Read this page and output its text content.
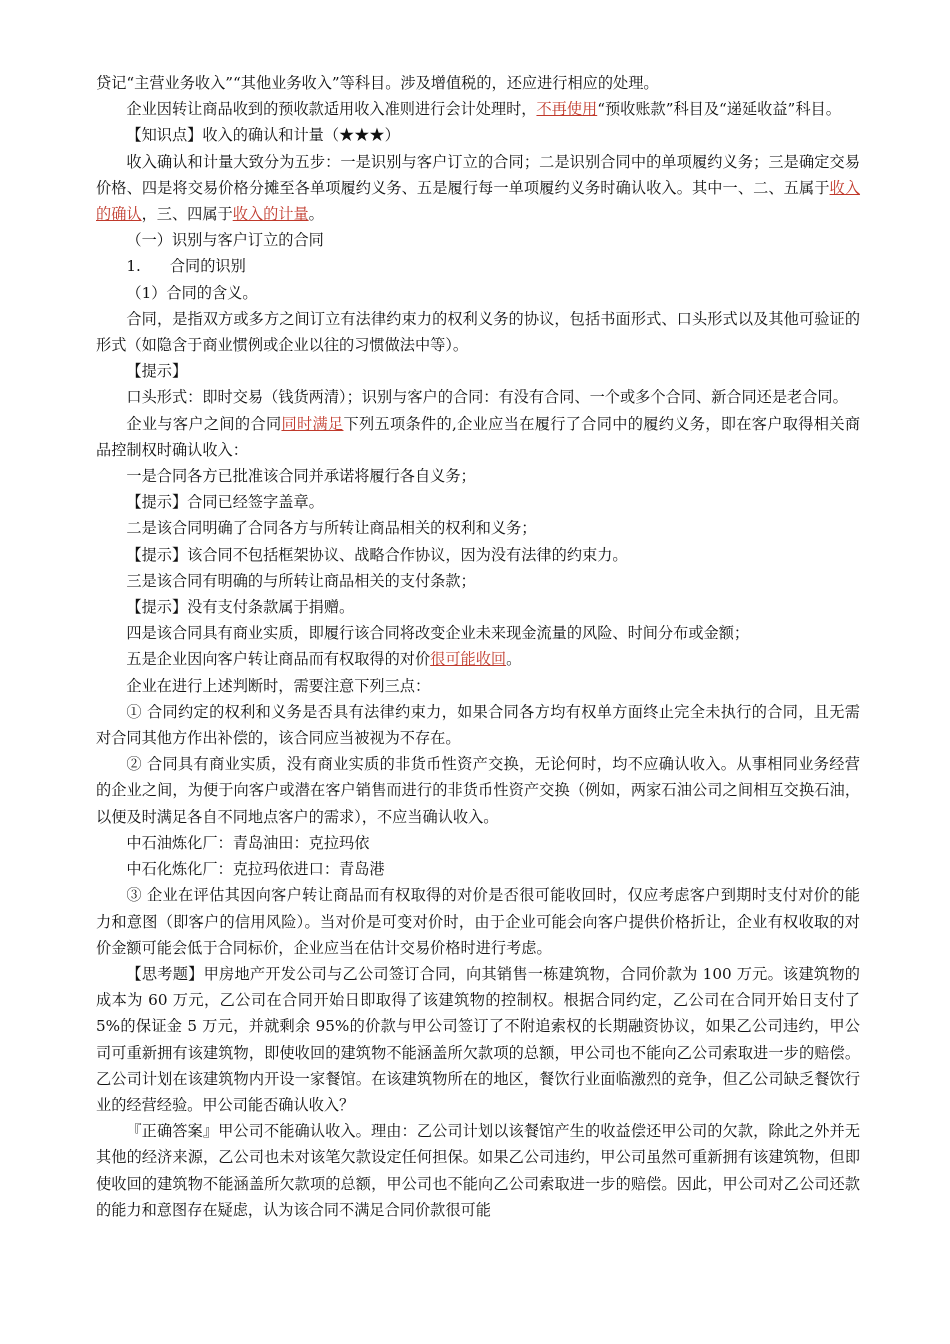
贷记“主营业务收入”“其他业务收入”等科目。涉及增值税的，还应进行相应的处理。

企业因转让商品收到的预收款适用收入准则进行会计处理时，不再使用“预收账款”科目及“递延收益”科目。

【知识点】收入的确认和计量（★★★）

收入确认和计量大致分为五步：一是识别与客户订立的合同；二是识别合同中的单项履约义务；三是确定交易价格、四是将交易价格分摊至各单项履约义务、五是履行每一单项履约义务时确认收入。其中一、二、五属于收入的确认，三、四属于收入的计量。

（一）识别与客户订立的合同

1.      合同的识别

（1）合同的含义。

合同，是指双方或多方之间订立有法律约束力的权利义务的协议，包括书面形式、口头形式以及其他可验证的形式（如隐含于商业惯例或企业以往的习惯做法中等）。

【提示】

口头形式：即时交易（钱货两清）；识别与客户的合同：有没有合同、一个或多个合同、新合同还是老合同。

企业与客户之间的合同同时满足下列五项条件的,企业应当在履行了合同中的履约义务，即在客户取得相关商品控制权时确认收入：

一是合同各方已批准该合同并承诺将履行各自义务；

【提示】合同已经签字盖章。

二是该合同明确了合同各方与所转让商品相关的权利和义务；

【提示】该合同不包括框架协议、战略合作协议，因为没有法律的约束力。

三是该合同有明确的与所转让商品相关的支付条款；

【提示】没有支付条款属于捐赠。

四是该合同具有商业实质，即履行该合同将改变企业未来现金流量的风险、时间分布或金额；

五是企业因向客户转让商品而有权取得的对价很可能收回。

企业在进行上述判断时，需要注意下列三点：

① 合同约定的权利和义务是否具有法律约束力，如果合同各方均有权单方面终止完全未执行的合同，且无需对合同其他方作出补偿的，该合同应当被视为不存在。

② 合同具有商业实质，没有商业实质的非货币性资产交换，无论何时，均不应确认收入。从事相同业务经营的企业之间，为便于向客户或潜在客户销售而进行的非货币性资产交换（例如，两家石油公司之间相互交换石油，以便及时满足各自不同地点客户的需求），不应当确认收入。

中石油炼化厂：青岛油田：克拉玛依

中石化炼化厂：克拉玛依进口：青岛港

③ 企业在评估其因向客户转让商品而有权取得的对价是否很可能收回时，仅应考虑客户到期时支付对价的能力和意图（即客户的信用风险）。当对价是可变对价时，由于企业可能会向客户提供价格折让，企业有权收取的对价金额可能会低于合同标价，企业应当在估计交易价格时进行考虑。

【思考题】甲房地产开发公司与乙公司签订合同，向其销售一栋建筑物，合同价款为 100 万元。该建筑物的成本为 60 万元，乙公司在合同开始日即取得了该建筑物的控制权。根据合同约定，乙公司在合同开始日支付了 5%的保证金 5 万元，并就剩余 95%的价款与甲公司签订了不附追索权的长期融资协议，如果乙公司违约，甲公司可重新拥有该建筑物，即使收回的建筑物不能涵盖所欠款项的总额，甲公司也不能向乙公司索取进一步的赔偿。乙公司计划在该建筑物内开设一家餐馆。在该建筑物所在的地区，餐饮行业面临激烈的竞争，但乙公司缺乏餐饮行业的经营经验。甲公司能否确认收入？

『正确答案』甲公司不能确认收入。理由：乙公司计划以该餐馆产生的收益偿还甲公司的欠款，除此之外并无其他的经济来源，乙公司也未对该笔欠款设定任何担保。如果乙公司违约，甲公司虽然可重新拥有该建筑物，但即使收回的建筑物不能涵盖所欠款项的总额，甲公司也不能向乙公司索取进一步的赔偿。因此，甲公司对乙公司还款的能力和意图存在疑虑，认为该合同不满足合同价款很可能
